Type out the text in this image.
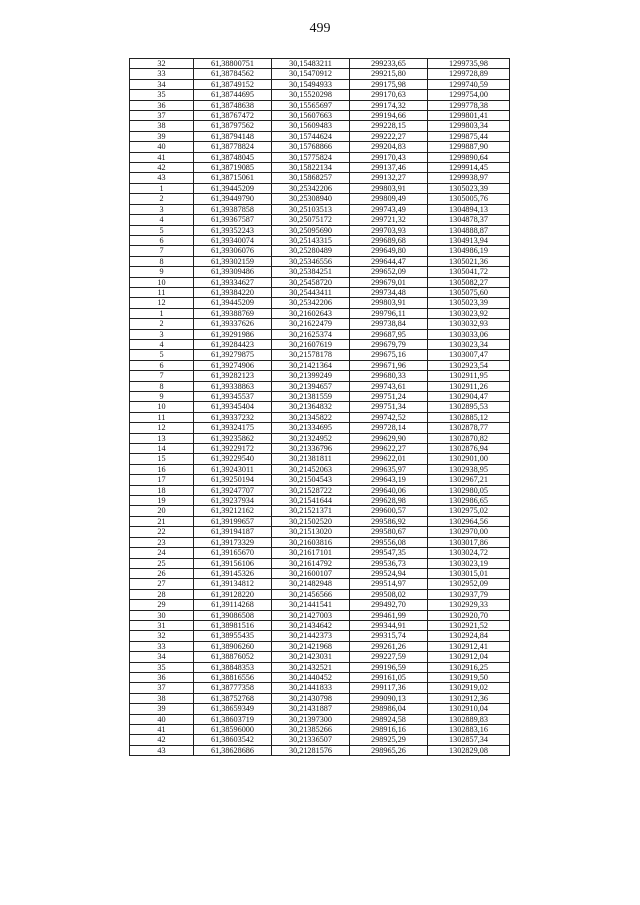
499
32	61,38800751	30,15483211	299233,65	1299735,98
33	61,38784562	30,15470912	299215,80	1299728,89
34	61,38749152	30,15494933	299175,98	1299740,59
35	61,38744695	30,15520298	299170,63	1299754,00
36	61,38748638	30,15565697	299174,32	1299778,38
37	61,38767472	30,15607663	299194,66	1299801,41
38	61,38797562	30,15609483	299228,15	1299803,34
39	61,38794148	30,15744624	299222,27	1299875,44
40	61,38778824	30,15768866	299204,83	1299887,90
41	61,38748045	30,15775824	299170,43	1299890,64
42	61,38719085	30,15822134	299137,46	1299914,45
43	61,38715061	30,15868257	299132,27	1299938,97
1	61,39445209	30,25342206	299803,91	1305023,39
2	61,39449790	30,25308940	299809,49	1305005,76
3	61,39387858	30,25103513	299743,49	1304894,13
4	61,39367587	30,25075172	299721,32	1304878,37
5	61,39352243	30,25095690	299703,93	1304888,87
6	61,39340074	30,25143315	299689,68	1304913,94
7	61,39306076	30,25280489	299649,80	1304986,19
8	61,39302159	30,25346556	299644,47	1305021,36
9	61,39309486	30,25384251	299652,09	1305041,72
10	61,39334627	30,25458720	299679,01	1305082,27
11	61,39384220	30,25443411	299734,48	1305075,60
12	61,39445209	30,25342206	299803,91	1305023,39
1	61,39388769	30,21602643	299796,11	1303023,92
2	61,39337626	30,21622479	299738,84	1303032,93
3	61,39291986	30,21625374	299687,95	1303033,06
4	61,39284423	30,21607619	299679,79	1303023,34
5	61,39279875	30,21578178	299675,16	1303007,47
6	61,39274906	30,21421364	299671,96	1302923,54
7	61,39282123	30,21399249	299680,33	1302911,95
8	61,39338863	30,21394657	299743,61	1302911,26
9	61,39345537	30,21381559	299751,24	1302904,47
10	61,39345404	30,21364832	299751,34	1302895,53
11	61,39337232	30,21345822	299742,52	1302885,12
12	61,39324175	30,21334695	299728,14	1302878,77
13	61,39235862	30,21324952	299629,90	1302870,82
14	61,39229172	30,21336796	299622,27	1302876,94
15	61,39229540	30,21381811	299622,01	1302901,00
16	61,39243011	30,21452063	299635,97	1302938,95
17	61,39250194	30,21504543	299643,19	1302967,21
18	61,39247707	30,21528722	299640,06	1302980,05
19	61,39237934	30,21541644	299628,98	1302986,65
20	61,39212162	30,21521371	299600,57	1302975,02
21	61,39199657	30,21502520	299586,92	1302964,56
22	61,39194187	30,21513020	299580,67	1302970,00
23	61,39173329	30,21603816	299556,08	1303017,86
24	61,39165670	30,21617101	299547,35	1303024,72
25	61,39156106	30,21614792	299536,73	1303023,19
26	61,39145326	30,21600107	299524,94	1303015,01
27	61,39134812	30,21482948	299514,97	1302952,09
28	61,39128220	30,21456566	299508,02	1302937,79
29	61,39114268	30,21441541	299492,70	1302929,33
30	61,39086508	30,21427003	299461,99	1302920,70
31	61,38981516	30,21434642	299344,91	1302921,52
32	61,38955435	30,21442373	299315,74	1302924,84
33	61,38906260	30,21421968	299261,26	1302912,41
34	61,38876052	30,21423031	299227,59	1302912,04
35	61,38848353	30,21432521	299196,59	1302916,25
36	61,38816556	30,21440452	299161,05	1302919,50
37	61,38777358	30,21441833	299117,36	1302919,02
38	61,38752768	30,21430798	299090,13	1302912,36
39	61,38659349	30,21431887	298986,04	1302910,04
40	61,38603719	30,21397300	298924,58	1302889,83
41	61,38596000	30,21385266	298916,16	1302883,16
42	61,38603542	30,21336507	298925,29	1302857,34
43	61,38628686	30,21281576	298965,26	1302829,08
